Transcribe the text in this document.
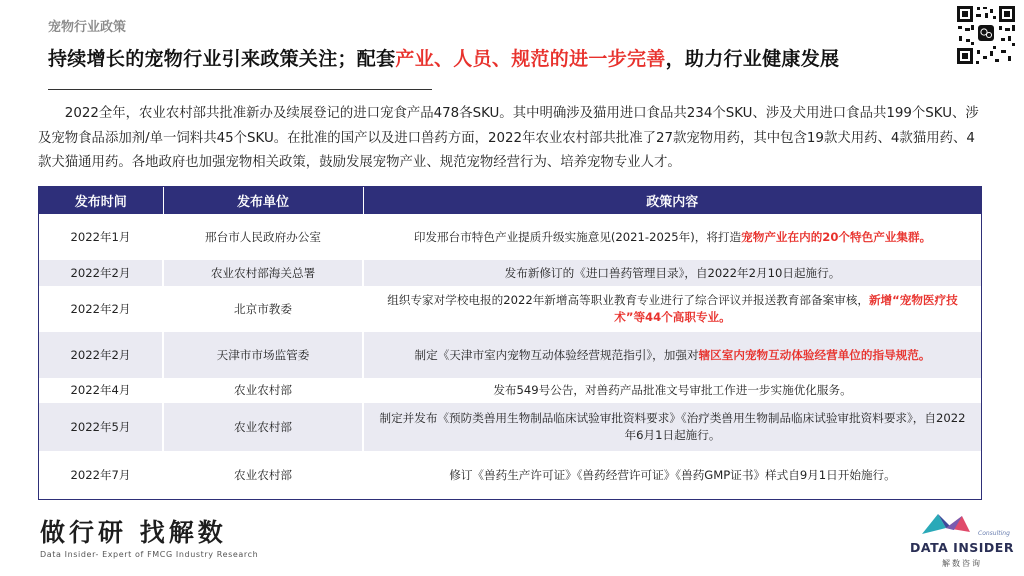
宠物行业政策
持续增长的宠物行业引来政策关注；配套产业、人员、规范的进一步完善，助力行业健康发展

2022全年，农业农村部共批准新办及续展登记的进口宠食产品478各SKU。其中明确涉及猫用进口食品共234个SKU、涉及犬用进口食品共199个SKU、涉及宠物食品添加剂/单一饲料共45个SKU。在批准的国产以及进口兽药方面，2022年农业农村部共批准了27款宠物用药，其中包含19款犬用药、4款猫用药、4款犬猫通用药。各地政府也加强宠物相关政策，鼓励发展宠物产业、规范宠物经营行为、培养宠物专业人才。

发布时间	发布单位	政策内容
2022年1月	邢台市人民政府办公室	印发邢台市特色产业提质升级实施意见(2021-2025年)，将打造宠物产业在内的20个特色产业集群。
2022年2月	农业农村部海关总署	发布新修订的《进口兽药管理目录》，自2022年2月10日起施行。
2022年2月	北京市教委	组织专家对学校电报的2022年新增高等职业教育专业进行了综合评议并报送教育部备案审核，新增“宠物医疗技术”等44个高职专业。
2022年2月	天津市市场监管委	制定《天津市室内宠物互动体验经营规范指引》，加强对辖区室内宠物互动体验经营单位的指导规范。
2022年4月	农业农村部	发布549号公告，对兽药产品批准文号审批工作进一步实施优化服务。
2022年5月	农业农村部	制定并发布《预防类兽用生物制品临床试验审批资料要求》《治疗类兽用生物制品临床试验审批资料要求》，自2022年6月1日起施行。
2022年7月	农业农村部	修订《兽药生产许可证》《兽药经营许可证》《兽药GMP证书》样式自9月1日开始施行。
做行研 找解数
Data Insider- Expert of FMCG Industry Research
Consulting
DATA INSIDER
解数咨询
